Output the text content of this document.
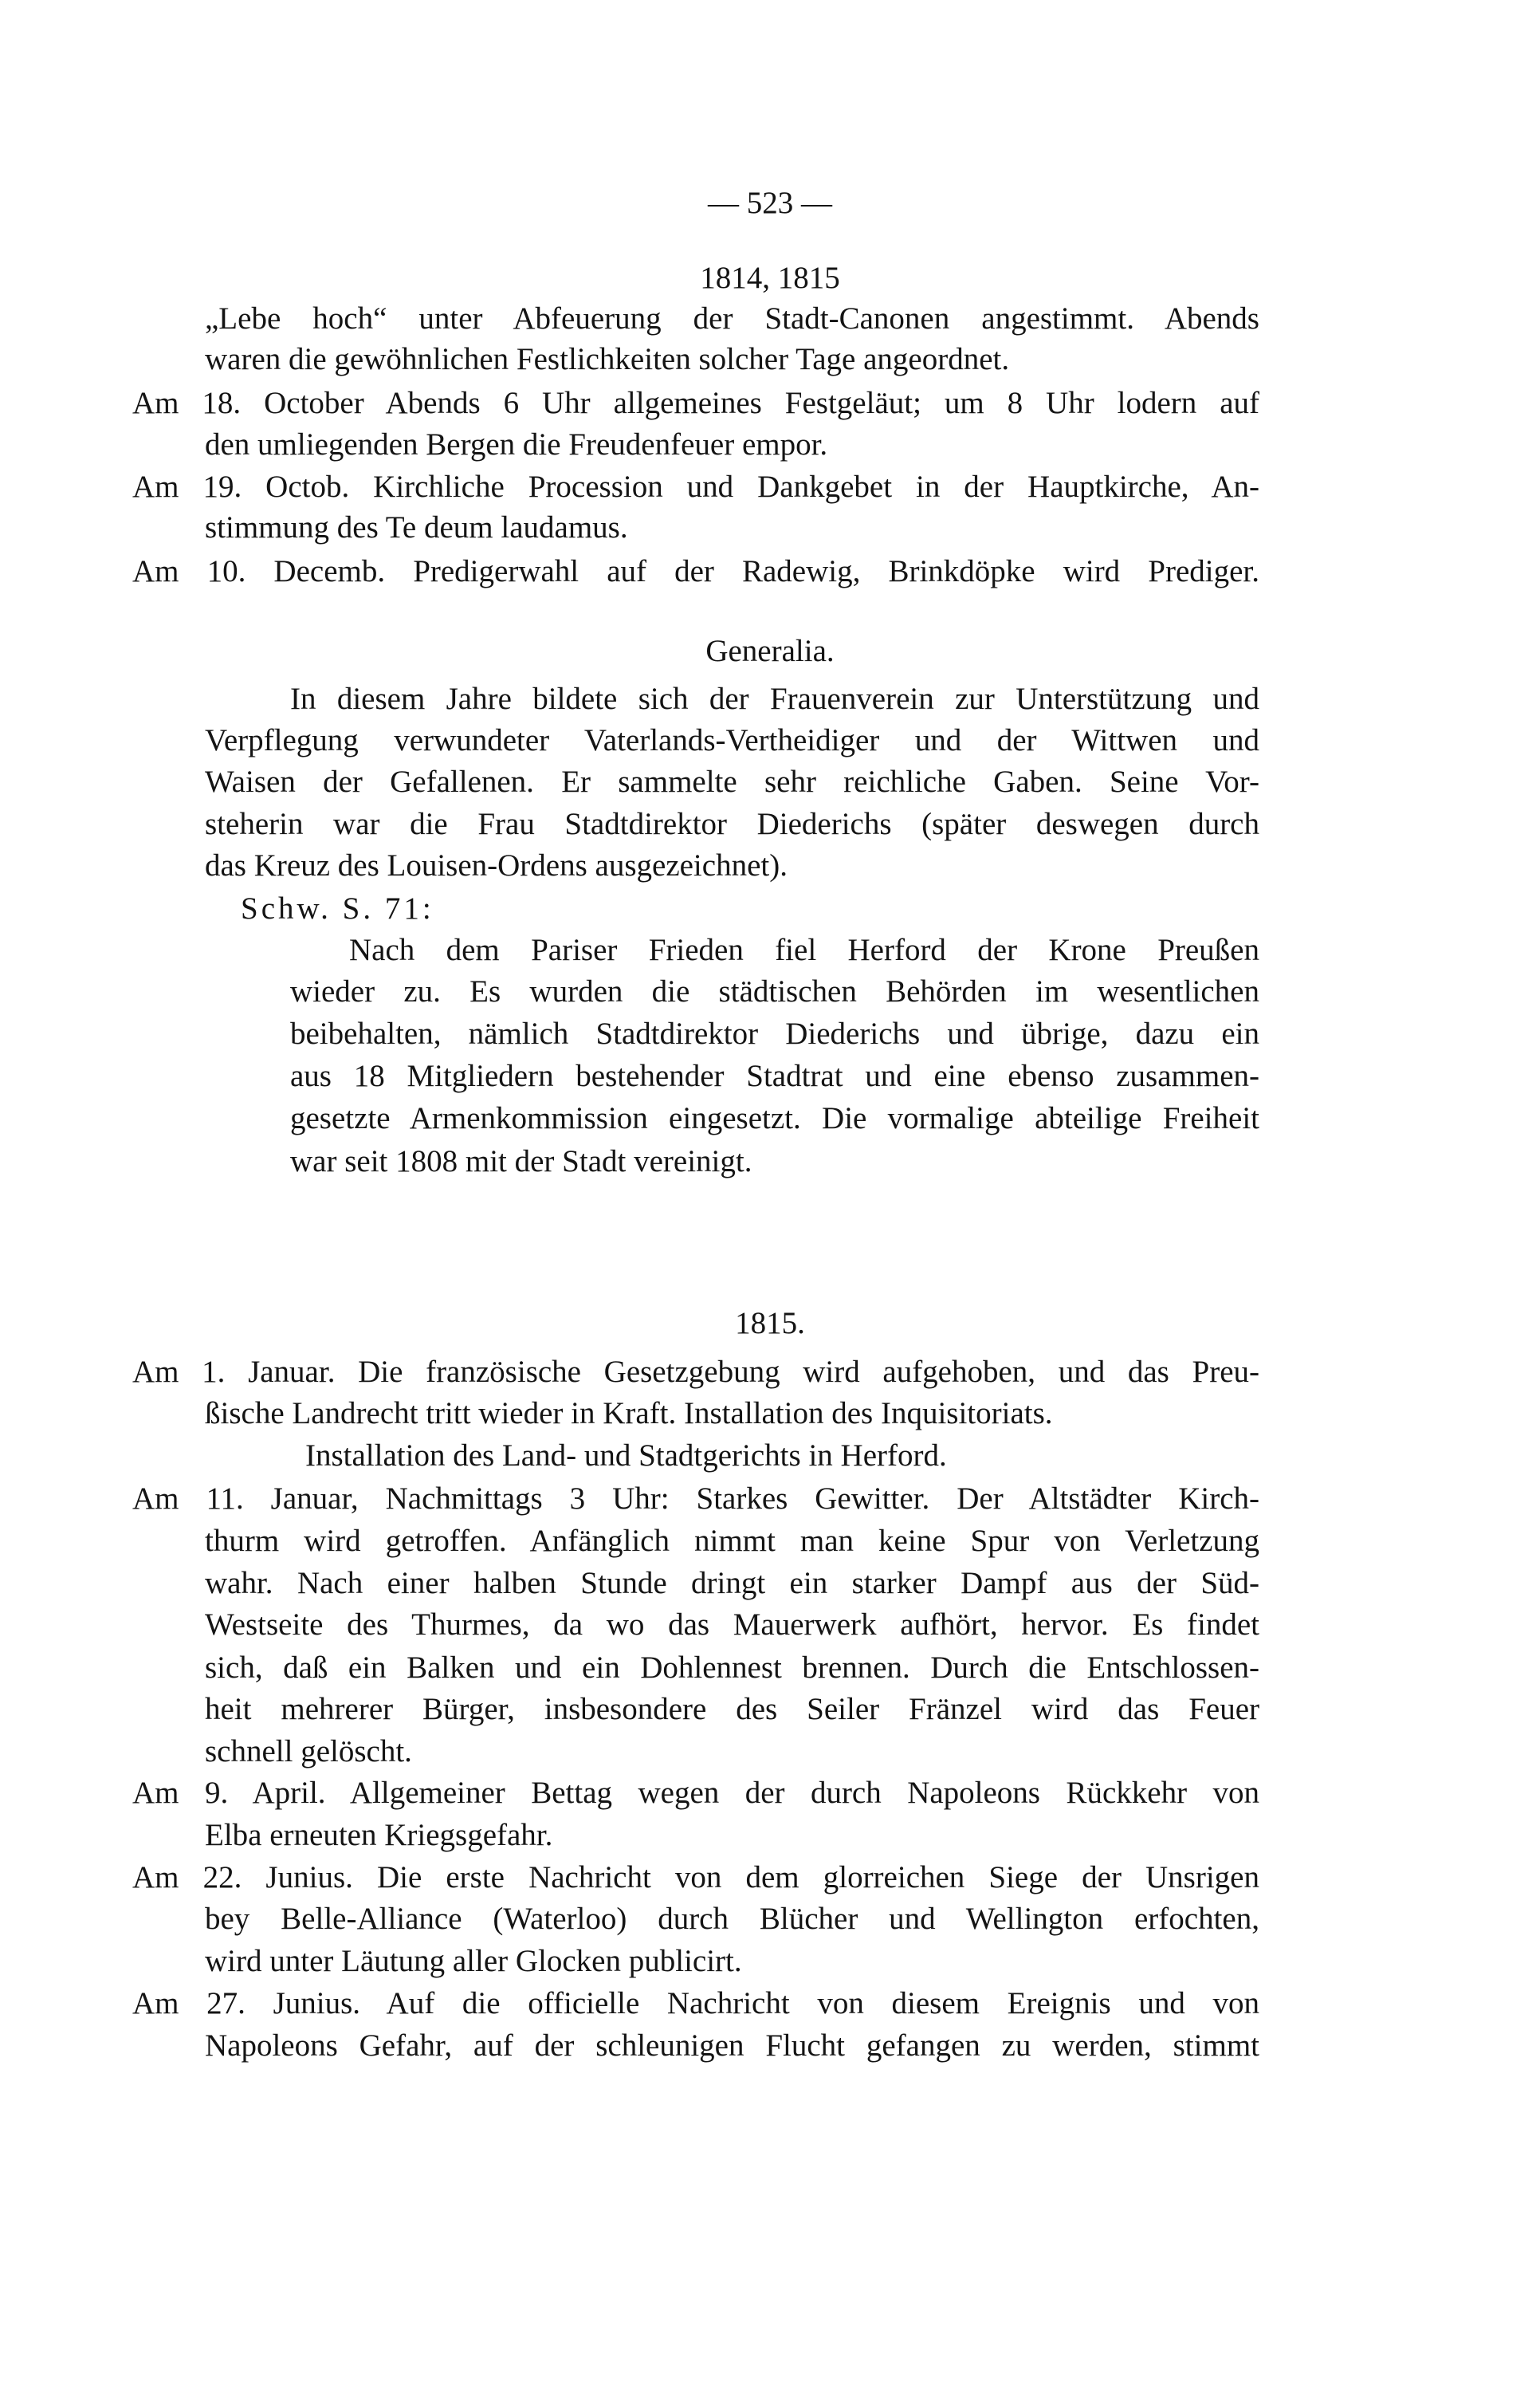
— 523 —
1814, 1815
„Lebe hoch“ unter Abfeuerung der Stadt-Canonen angestimmt. Abends
waren die gewöhnlichen Festlichkeiten solcher Tage angeordnet.
Am 18. October Abends 6 Uhr allgemeines Festgeläut; um 8 Uhr lodern auf
den umliegenden Bergen die Freudenfeuer empor.
Am 19. Octob. Kirchliche Procession und Dankgebet in der Hauptkirche, An-
stimmung des Te deum laudamus.
Am 10. Decemb. Predigerwahl auf der Radewig, Brinkdöpke wird Prediger.
Generalia.
In diesem Jahre bildete sich der Frauenverein zur Unterstützung und
Verpflegung verwundeter Vaterlands-Vertheidiger und der Wittwen und
Waisen der Gefallenen. Er sammelte sehr reichliche Gaben. Seine Vor-
steherin war die Frau Stadtdirektor Diederichs (später deswegen durch
das Kreuz des Louisen-Ordens ausgezeichnet).
Schw. S. 71:
Nach dem Pariser Frieden fiel Herford der Krone Preußen
wieder zu. Es wurden die städtischen Behörden im wesentlichen
beibehalten, nämlich Stadtdirektor Diederichs und übrige, dazu ein
aus 18 Mitgliedern bestehender Stadtrat und eine ebenso zusammen-
gesetzte Armenkommission eingesetzt. Die vormalige abteilige Freiheit
war seit 1808 mit der Stadt vereinigt.
1815.
Am 1. Januar. Die französische Gesetzgebung wird aufgehoben, und das Preu-
ßische Landrecht tritt wieder in Kraft. Installation des Inquisitoriats.
Installation des Land- und Stadtgerichts in Herford.
Am 11. Januar, Nachmittags 3 Uhr: Starkes Gewitter. Der Altstädter Kirch-
thurm wird getroffen. Anfänglich nimmt man keine Spur von Verletzung
wahr. Nach einer halben Stunde dringt ein starker Dampf aus der Süd-
Westseite des Thurmes, da wo das Mauerwerk aufhört, hervor. Es findet
sich, daß ein Balken und ein Dohlennest brennen. Durch die Entschlossen-
heit mehrerer Bürger, insbesondere des Seiler Fränzel wird das Feuer
schnell gelöscht.
Am 9. April. Allgemeiner Bettag wegen der durch Napoleons Rückkehr von
Elba erneuten Kriegsgefahr.
Am 22. Junius. Die erste Nachricht von dem glorreichen Siege der Unsrigen
bey Belle-Alliance (Waterloo) durch Blücher und Wellington erfochten,
wird unter Läutung aller Glocken publicirt.
Am 27. Junius. Auf die officielle Nachricht von diesem Ereignis und von
Napoleons Gefahr, auf der schleunigen Flucht gefangen zu werden, stimmt
